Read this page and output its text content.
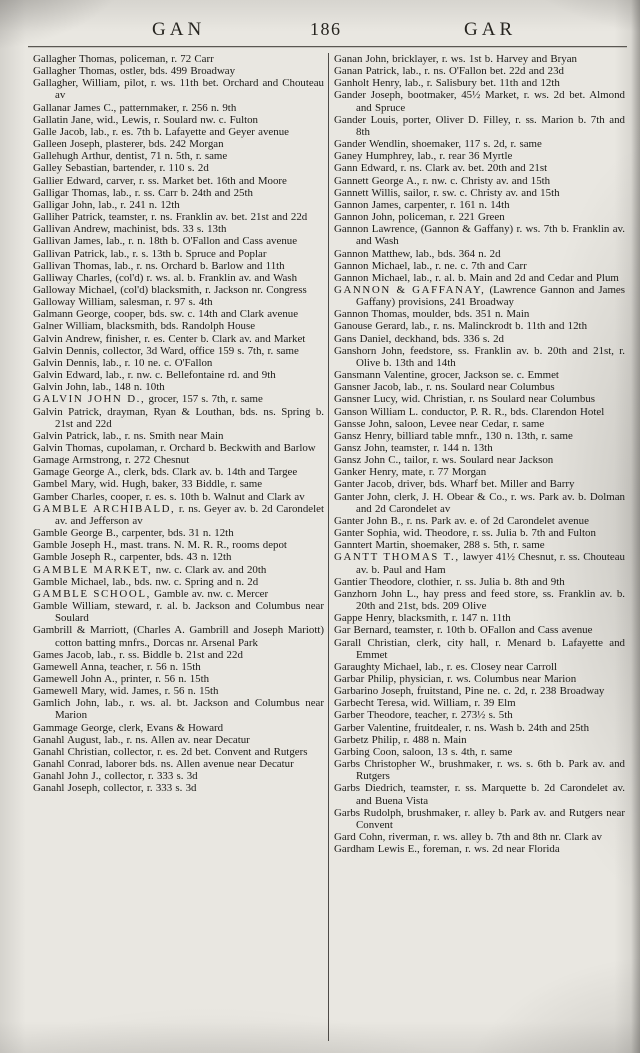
GAN	186	GAR

Gallagher Thomas, policeman, r. 72 Carr

Gallagher Thomas, ostler, bds. 499 Broadway

Gallagher, William, pilot, r. ws. 11th bet. Orchard and Chouteau av

Gallanar James C., patternmaker, r. 256 n. 9th

Gallatin Jane, wid., Lewis, r. Soulard nw. c. Fulton

Galle Jacob, lab., r. es. 7th b. Lafayette and Geyer avenue

Galleen Joseph, plasterer, bds. 242 Morgan

Gallehugh Arthur, dentist, 71 n. 5th, r. same

Galley Sebastian, bartender, r. 110 s. 2d

Gallier Edward, carver, r. ss. Market bet. 16th and Moore

Galligar Thomas, lab., r. ss. Carr b. 24th and 25th

Galligar John, lab., r. 241 n. 12th

Galliher Patrick, teamster, r. ns. Franklin av. bet. 21st and 22d

Gallivan Andrew, machinist, bds. 33 s. 13th

Gallivan James, lab., r. n. 18th b. O'Fallon and Cass avenue

Gallivan Patrick, lab., r. s. 13th b. Spruce and Poplar

Gallivan Thomas, lab., r. ns. Orchard b. Barlow and 11th

Galliway Charles, (col'd) r. ws. al. b. Franklin av. and Wash

Galloway Michael, (col'd) blacksmith, r. Jackson nr. Congress

Galloway William, salesman, r. 97 s. 4th

Galmann George, cooper, bds. sw. c. 14th and Clark avenue

Galner William, blacksmith, bds. Randolph House

Galvin Andrew, finisher, r. es. Center b. Clark av. and Market

Galvin Dennis, collector, 3d Ward, office 159 s. 7th, r. same

Galvin Dennis, lab., r. 10 ne. c. O'Fallon

Galvin Edward, lab., r. nw. c. Bellefontaine rd. and 9th

Galvin John, lab., 148 n. 10th

GALVIN JOHN D., grocer, 157 s. 7th, r. same

Galvin Patrick, drayman, Ryan & Louthan, bds. ns. Spring b. 21st and 22d

Galvin Patrick, lab., r. ns. Smith near Main

Galvin Thomas, cupolaman, r. Orchard b. Beckwith and Barlow

Gamage Armstrong, r. 272 Chesnut

Gamage George A., clerk, bds. Clark av. b. 14th and Targee

Gambel Mary, wid. Hugh, baker, 33 Biddle, r. same

Gamber Charles, cooper, r. es. s. 10th b. Walnut and Clark av

GAMBLE ARCHIBALD, r. ns. Geyer av. b. 2d Carondelet av. and Jefferson av

Gamble George B., carpenter, bds. 31 n. 12th

Gamble Joseph H., mast. trans. N. M. R. R., rooms depot

Gamble Joseph R., carpenter, bds. 43 n. 12th

GAMBLE MARKET, nw. c. Clark av. and 20th

Gamble Michael, lab., bds. nw. c. Spring and n. 2d

GAMBLE SCHOOL, Gamble av. nw. c. Mercer

Gamble William, steward, r. al. b. Jackson and Columbus near Soulard

Gambrill & Marriott, (Charles A. Gambrill and Joseph Mariott) cotton batting mnfrs., Dorcas nr. Arsenal Park

Games Jacob, lab., r. ss. Biddle b. 21st and 22d

Gamewell Anna, teacher, r. 56 n. 15th

Gamewell John A., printer, r. 56 n. 15th

Gamewell Mary, wid. James, r. 56 n. 15th

Gamlich John, lab., r. ws. al. bt. Jackson and Columbus near Marion

Gammage George, clerk, Evans & Howard

Ganahl August, lab., r. ns. Allen av. near Decatur

Ganahl Christian, collector, r. es. 2d bet. Convent and Rutgers

Ganahl Conrad, laborer bds. ns. Allen avenue near Decatur

Ganahl John J., collector, r. 333 s. 3d

Ganahl Joseph, collector, r. 333 s. 3d

Ganan John, bricklayer, r. ws. 1st b. Harvey and Bryan

Ganan Patrick, lab., r. ns. O'Fallon bet. 22d and 23d

Ganholt Henry, lab., r. Salisbury bet. 11th and 12th

Gander Joseph, bootmaker, 45½ Market, r. ws. 2d bet. Almond and Spruce

Gander Louis, porter, Oliver D. Filley, r. ss. Marion b. 7th and 8th

Gander Wendlin, shoemaker, 117 s. 2d, r. same

Ganey Humphrey, lab., r. rear 36 Myrtle

Gann Edward, r. ns. Clark av. bet. 20th and 21st

Gannett George A., r. nw. c. Christy av. and 15th

Gannett Willis, sailor, r. sw. c. Christy av. and 15th

Gannon James, carpenter, r. 161 n. 14th

Gannon John, policeman, r. 221 Green

Gannon Lawrence, (Gannon & Gaffany) r. ws. 7th b. Franklin av. and Wash

Gannon Matthew, lab., bds. 364 n. 2d

Gannon Michael, lab., r. ne. c. 7th and Carr

Gannon Michael, lab., r. al. b. Main and 2d and Cedar and Plum

GANNON & GAFFANAY, (Lawrence Gannon and James Gaffany) provisions, 241 Broadway

Gannon Thomas, moulder, bds. 351 n. Main

Ganouse Gerard, lab., r. ns. Malinckrodt b. 11th and 12th

Gans Daniel, deckhand, bds. 336 s. 2d

Ganshorn John, feedstore, ss. Franklin av. b. 20th and 21st, r. Olive b. 13th and 14th

Gansmann Valentine, grocer, Jackson se. c. Emmet

Gansner Jacob, lab., r. ns. Soulard near Columbus

Gansner Lucy, wid. Christian, r. ns Soulard near Columbus

Ganson William L. conductor, P. R. R., bds. Clarendon Hotel

Gansse John, saloon, Levee near Cedar, r. same

Gansz Henry, billiard table mnfr., 130 n. 13th, r. same

Gansz John, teamster, r. 144 n. 13th

Gansz John C., tailor, r. ws. Soulard near Jackson

Ganker Henry, mate, r. 77 Morgan

Ganter Jacob, driver, bds. Wharf bet. Miller and Barry

Ganter John, clerk, J. H. Obear & Co., r. ws. Park av. b. Dolman and 2d Carondelet av

Ganter John B., r. ns. Park av. e. of 2d Carondelet avenue

Ganter Sophia, wid. Theodore, r. ss. Julia b. 7th and Fulton

Ganntert Martin, shoemaker, 288 s. 5th, r. same

GANTT THOMAS T., lawyer 41½ Chesnut, r. ss. Chouteau av. b. Paul and Ham

Gantier Theodore, clothier, r. ss. Julia b. 8th and 9th

Ganzhorn John L., hay press and feed store, ss. Franklin av. b. 20th and 21st, bds. 209 Olive

Gappe Henry, blacksmith, r. 147 n. 11th

Gar Bernard, teamster, r. 10th b. OFallon and Cass avenue

Garall Christian, clerk, city hall, r. Menard b. Lafayette and Emmet

Garaughty Michael, lab., r. es. Closey near Carroll

Garbar Philip, physician, r. ws. Columbus near Marion

Garbarino Joseph, fruitstand, Pine ne. c. 2d, r. 238 Broadway

Garbecht Teresa, wid. William, r. 39 Elm

Garber Theodore, teacher, r. 273½ s. 5th

Garber Valentine, fruitdealer, r. ns. Wash b. 24th and 25th

Garbetz Philip, r. 488 n. Main

Garbing Coon, saloon, 13 s. 4th, r. same

Garbs Christopher W., brushmaker, r. ws. s. 6th b. Park av. and Rutgers

Garbs Diedrich, teamster, r. ss. Marquette b. 2d Carondelet av. and Buena Vista

Garbs Rudolph, brushmaker, r. alley b. Park av. and Rutgers near Convent

Gard Cohn, riverman, r. ws. alley b. 7th and 8th nr. Clark av

Gardham Lewis E., foreman, r. ws. 2d near Florida
